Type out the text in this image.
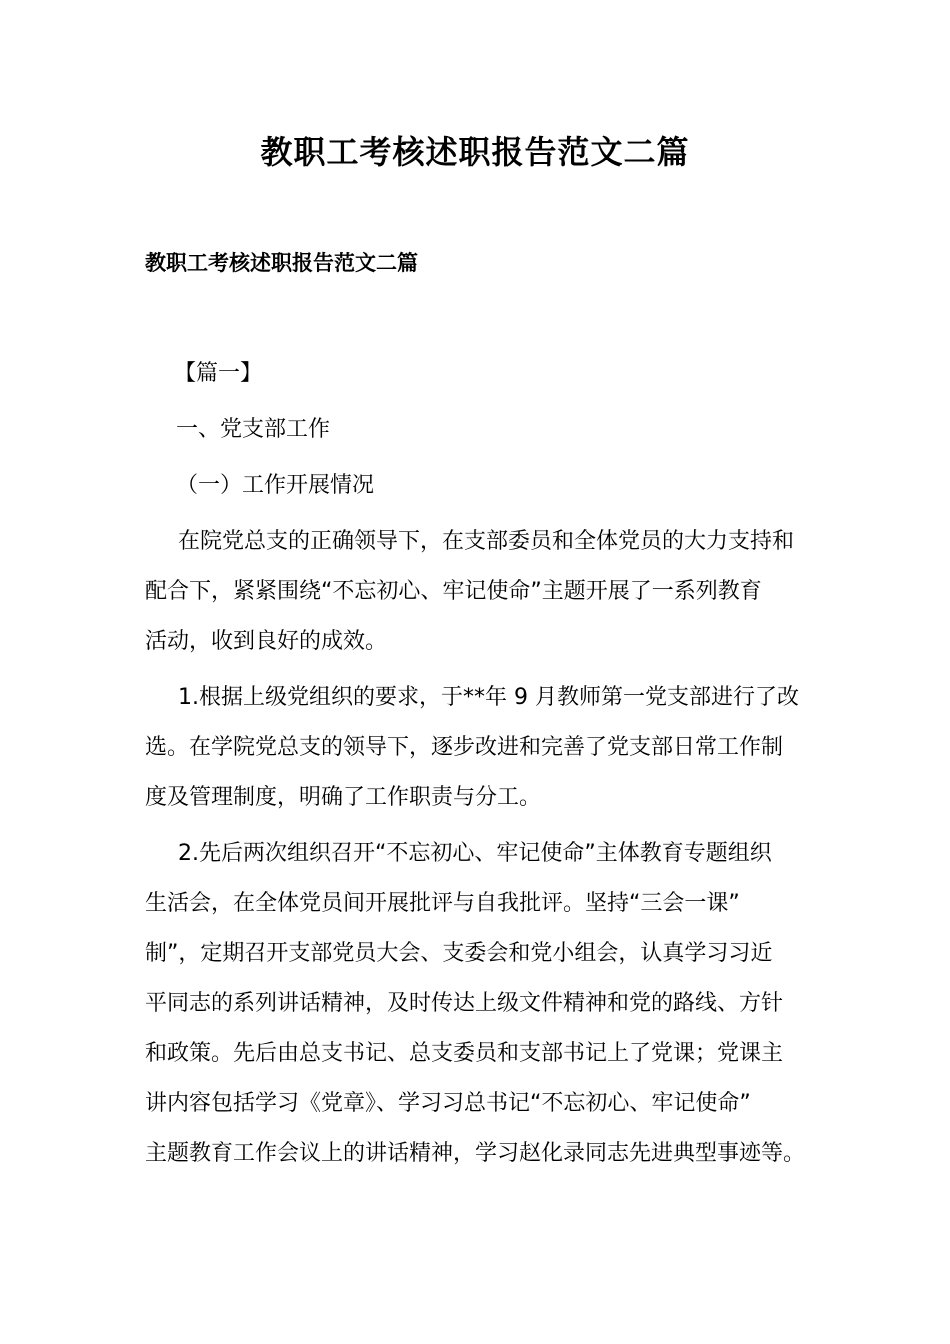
教职工考核述职报告范文二篇
教职工考核述职报告范文二篇
【篇一】
一、党支部工作
（一）工作开展情况
在院党总支的正确领导下，在支部委员和全体党员的大力支持和
配合下，紧紧围绕“不忘初心、牢记使命”主题开展了一系列教育
活动，收到良好的成效。
1.根据上级党组织的要求，于**年 9 月教师第一党支部进行了改
选。在学院党总支的领导下，逐步改进和完善了党支部日常工作制
度及管理制度，明确了工作职责与分工。
2.先后两次组织召开“不忘初心、牢记使命”主体教育专题组织
生活会，在全体党员间开展批评与自我批评。坚持“三会一课”
制”，定期召开支部党员大会、支委会和党小组会，认真学习习近
平同志的系列讲话精神，及时传达上级文件精神和党的路线、方针
和政策。先后由总支书记、总支委员和支部书记上了党课；党课主
讲内容包括学习《党章》、学习习总书记“不忘初心、牢记使命”
主题教育工作会议上的讲话精神，学习赵化录同志先进典型事迹等。
